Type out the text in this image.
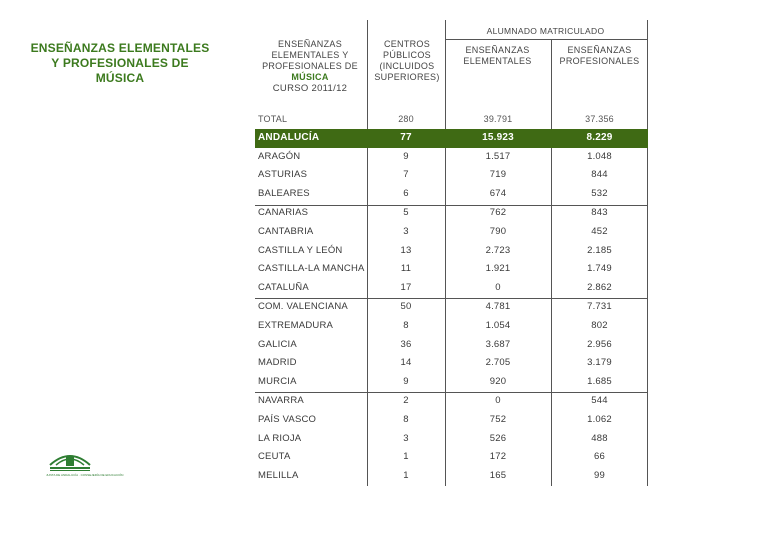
ENSEÑANZAS ELEMENTALES
Y PROFESIONALES DE
MÚSICA
JUNTA DE ANDALUCÍA · CONSEJERÍA DE EDUCACIÓN
ENSEÑANZAS
ELEMENTALES Y
PROFESIONALES DE
MÚSICA
CURSO 2011/12
CENTROS
PÚBLICOS
(INCLUIDOS
SUPERIORES)
ALUMNADO MATRICULADO
ENSEÑANZAS
ELEMENTALES
ENSEÑANZAS
PROFESIONALES
TOTAL	280	39.791	37.356
ANDALUCÍA	77	15.923	8.229
ARAGÓN	9	1.517	1.048
ASTURIAS	7	719	844
BALEARES	6	674	532
CANARIAS	5	762	843
CANTABRIA	3	790	452
CASTILLA Y LEÓN	13	2.723	2.185
CASTILLA-LA MANCHA	11	1.921	1.749
CATALUÑA	17	0	2.862
COM. VALENCIANA	50	4.781	7.731
EXTREMADURA	8	1.054	802
GALICIA	36	3.687	2.956
MADRID	14	2.705	3.179
MURCIA	9	920	1.685
NAVARRA	2	0	544
PAÍS VASCO	8	752	1.062
LA RIOJA	3	526	488
CEUTA	1	172	66
MELILLA	1	165	99
